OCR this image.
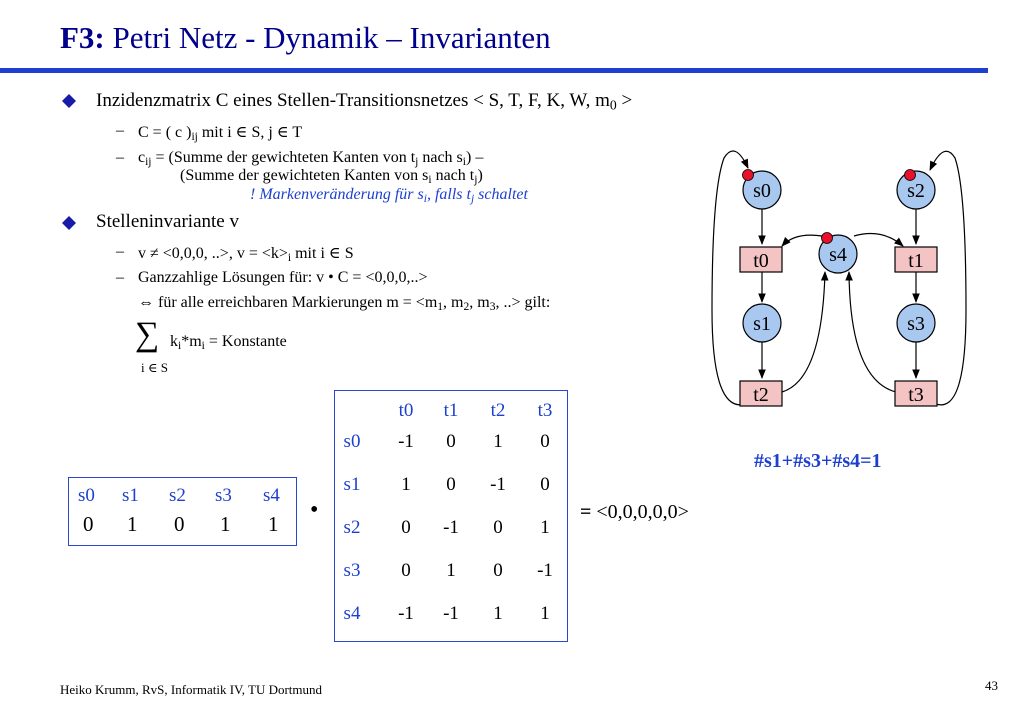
F3: Petri Netz - Dynamik – Invarianten
Inzidenzmatrix C eines Stellen-Transitionsnetzes < S, T, F, K, W, $m_0$ >
– C = ( c )$_{ij}$ mit i ∈ S, j ∈ T
– $c_{ij}$ = (Summe der gewichteten Kanten von $t_j$ nach $s_i$) –
(Summe der gewichteten Kanten von $s_i$ nach $t_j$)
! Markenveränderung für $s_i$, falls $t_j$ schaltet
Stelleninvariante v
– v ≠ <0,0,0, ..>, $v = <k>_i$ mit i ∈ S
– Ganzzahlige Lösungen für: v • C = <0,0,0,..>
⇔ für alle erreichbaren Markierungen $m = <m_1$, $m_2$, $m_3$, ..> gilt:
∑ $k_i*m_i$ = Konstante
i ∈ S
s0	s2
s4
s1	s3
t0	t1
t2	t3
#s1+#s3+#s4=1
s0 s1 s2 s3 s4
0 1 0 1 1
•
t0	t1	t2	t3
s0	-1	0	1	0
s1	1	0	-1	0
s2	0	-1	0	1
s3	0	1	0	-1
s4	-1	-1	1	1
= <0,0,0,0,0>
Heiko Krumm, RvS, Informatik IV, TU Dortmund	43
